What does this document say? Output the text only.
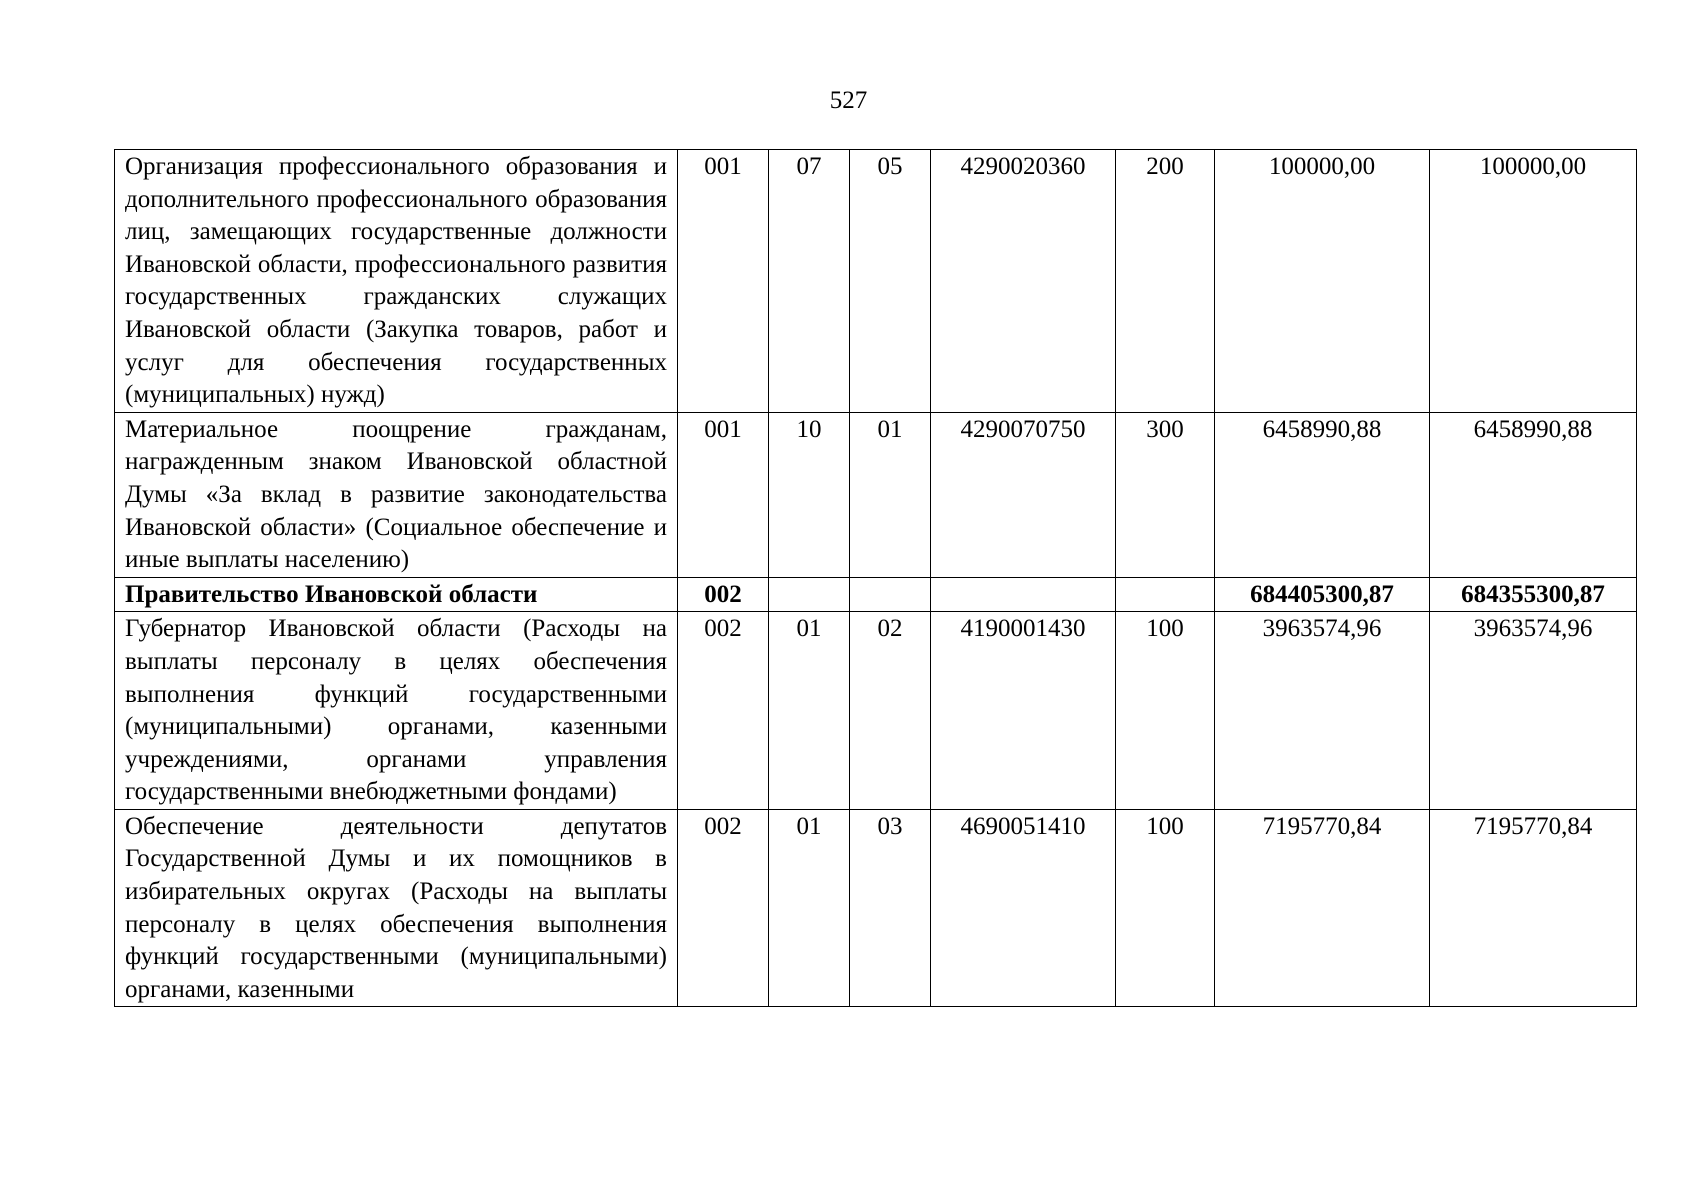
527
Организация профессионального образования и дополнительного профессионального образования лиц, замещающих государственные должности Ивановской области, профессионального развития государственных гражданских служащих Ивановской области (Закупка товаров, работ и услуг для обеспечения государственных (муниципальных) нужд)	001	07	05	4290020360	200	100000,00	100000,00
Материальное поощрение гражданам, награжденным знаком Ивановской областной Думы «За вклад в развитие законодательства Ивановской области» (Социальное обеспечение и иные выплаты населению)	001	10	01	4290070750	300	6458990,88	6458990,88
Правительство Ивановской области	002					684405300,87	684355300,87
Губернатор Ивановской области (Расходы на выплаты персоналу в целях обеспечения выполнения функций государственными (муниципальными) органами, казенными учреждениями, органами управления государственными внебюджетными фондами)	002	01	02	4190001430	100	3963574,96	3963574,96

Обеспечение деятельности депутатов Государственной Думы и их помощников в избирательных округах (Расходы на выплаты персоналу в целях обеспечения выполнения функций государственными (муниципальными) органами, казенными	002	01	03	4690051410	100	7195770,84	7195770,84
